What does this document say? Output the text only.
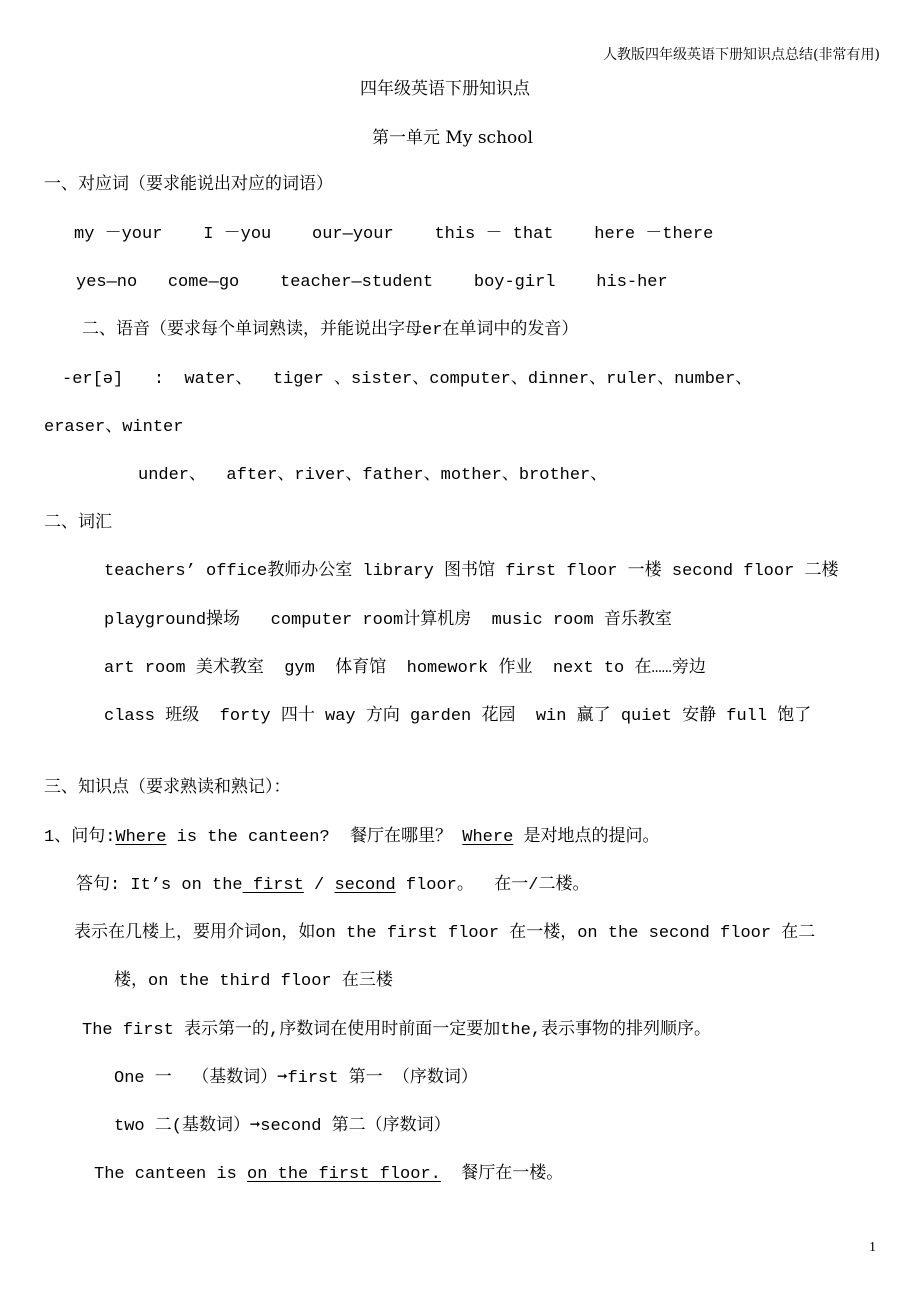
人教版四年级英语下册知识点总结(非常有用)
四年级英语下册知识点
第一单元 My school
一、对应词（要求能说出对应的词语）
my －your    I －you    our—your    this － that    here －there
yes—no   come—go    teacher—student    boy-girl    his-her
二、语音（要求每个单词熟读，并能说出字母er在单词中的发音）
-er[ə]   :  water、  tiger 、sister、computer、dinner、ruler、number、
eraser、winter
under、  after、river、father、mother、brother、
二、词汇
teachers’ office教师办公室 library 图书馆 first floor 一楼 second floor 二楼
playground操场   computer room计算机房  music room 音乐教室
art room 美术教室  gym  体育馆  homework 作业  next to 在……旁边
class 班级  forty 四十 way 方向 garden 花园  win 赢了 quiet 安静 full 饱了
三、知识点（要求熟读和熟记）：
1、问句:Where is the canteen?  餐厅在哪里？ Where 是对地点的提问。
答句: It’s on the first / second floor。  在一/二楼。
表示在几楼上，要用介词on，如on the first floor 在一楼，on the second floor 在二
楼，on the third floor 在三楼
The first 表示第一的,序数词在使用时前面一定要加the,表示事物的排列顺序。
One 一  （基数词）➞first 第一 （序数词）
two 二(基数词）➞second 第二（序数词）
The canteen is on the first floor.  餐厅在一楼。
1
